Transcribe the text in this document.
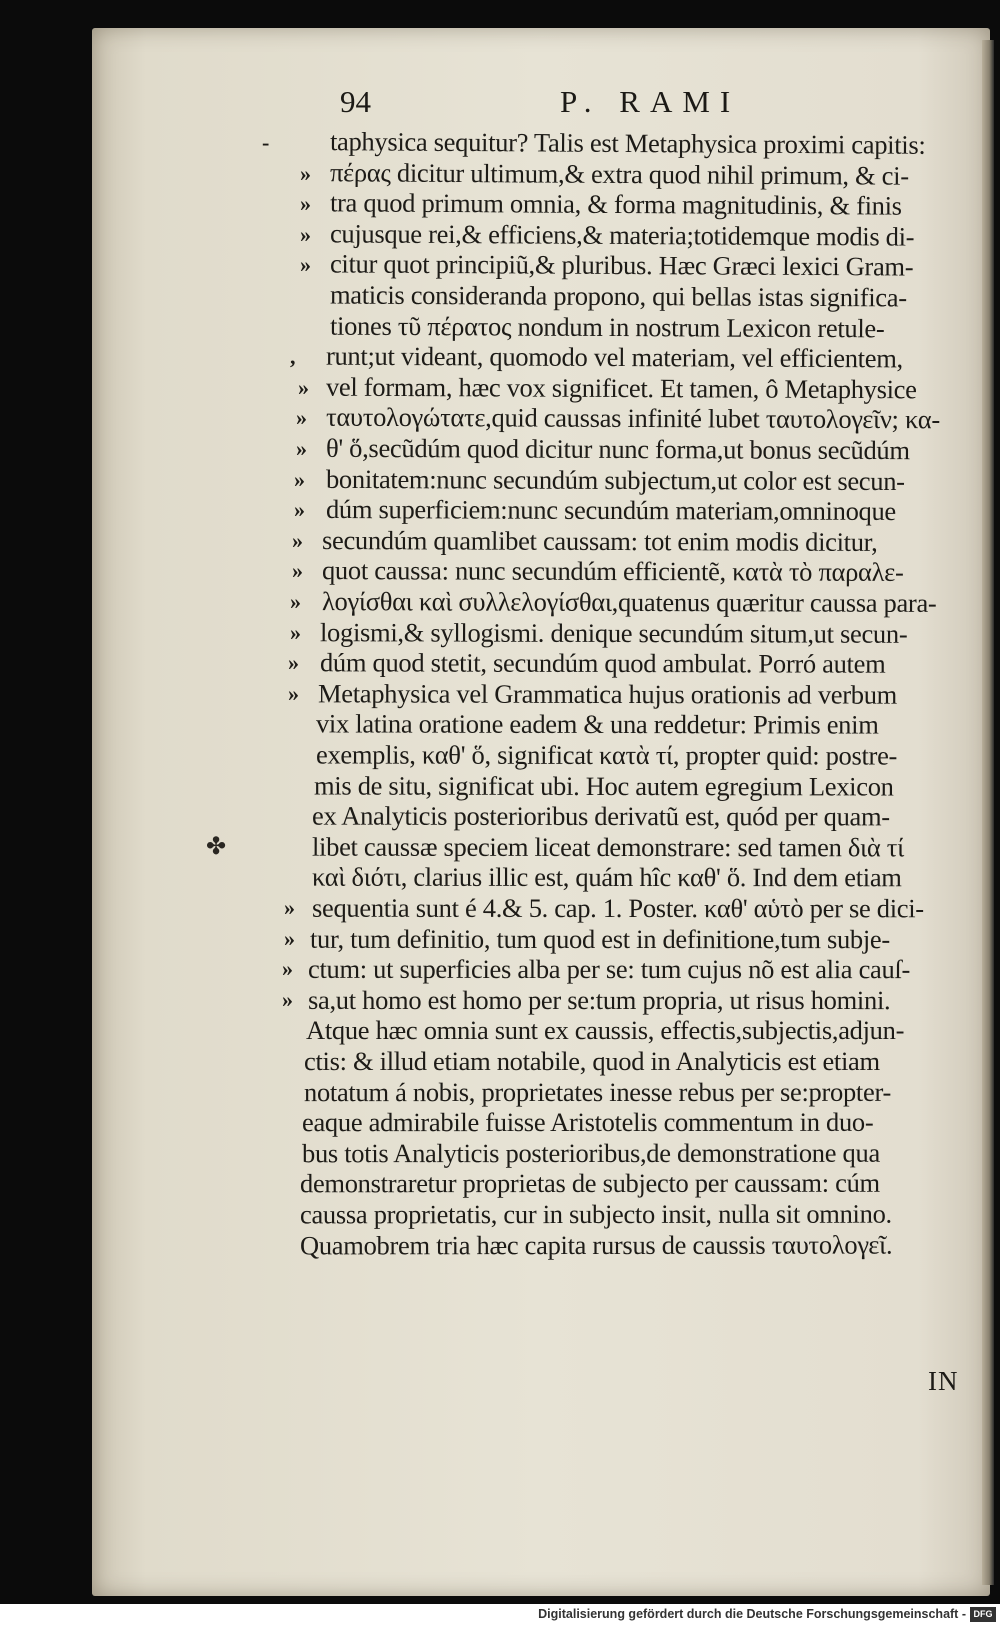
94	P. RAMI
taphysica sequitur? Talis est Metaphysica proximi capitis:
πέρας dicitur ultimum,& extra quod nihil primum, & ci-
tra quod primum omnia, & forma magnitudinis, & finis
cujusque rei,& efficiens,& materia;totidemque modis di-
citur quot principiũ,& pluribus. Hæc Græci lexici Gram-
maticis consideranda propono, qui bellas istas significa-
tiones τῦ πέρατος nondum in nostrum Lexicon retule-
runt;ut videant, quomodo vel materiam, vel efficientem,
vel formam, hæc vox significet. Et tamen, ô Metaphysice
ταυτολογώτατε,quid caussas infinité lubet ταυτολογεῖν; κα-
θ' ὅ,secũdúm quod dicitur nunc forma,ut bonus secũdúm
bonitatem:nunc secundúm subjectum,ut color est secun-
dúm superficiem:nunc secundúm materiam,omninoque
secundúm quamlibet caussam: tot enim modis dicitur,
quot caussa: nunc secundúm efficientẽ, κατὰ τὸ παραλε-
λογίσθαι καὶ συλλελογίσθαι,quatenus quæritur caussa para-
logismi,& syllogismi. denique secundúm situm,ut secun-
dúm quod stetit, secundúm quod ambulat. Porró autem
Metaphysica vel Grammatica hujus orationis ad verbum
vix latina oratione eadem & una reddetur: Primis enim
exemplis, καθ' ὅ, significat κατὰ τί, propter quid: postre-
mis de situ, significat ubi. Hoc autem egregium Lexicon
ex Analyticis posterioribus derivatũ est, quód per quam-
libet caussæ speciem liceat demonstrare: sed tamen διὰ τί
καὶ διότι, clarius illic est, quám hîc καθ' ὅ. Ind dem etiam
sequentia sunt é 4.& 5. cap. 1. Poster. καθ' αὑτὸ per se dici-
tur, tum definitio, tum quod est in definitione,tum subje-
ctum: ut superficies alba per se: tum cujus nõ est alia cauſ-
sa,ut homo est homo per se:tum propria, ut risus homini.
Atque hæc omnia sunt ex caussis, effectis,subjectis,adjun-
ctis: & illud etiam notabile, quod in Analyticis est etiam
notatum á nobis, proprietates inesse rebus per se:propter-
eaque admirabile fuisse Aristotelis commentum in duo-
bus totis Analyticis posterioribus,de demonstratione qua
demonstraretur proprietas de subjecto per caussam: cúm
caussa proprietatis, cur in subjecto insit, nulla sit omnino.
Quamobrem tria hæc capita rursus de caussis ταυτολογεῖ.
-
»
»
»
»
,
»
»
»
»
»
»
»
»
»
»
»
»
»
»
»
✤
IN
Digitalisierung gefördert durch die Deutsche Forschungsgemeinschaft - DFG
